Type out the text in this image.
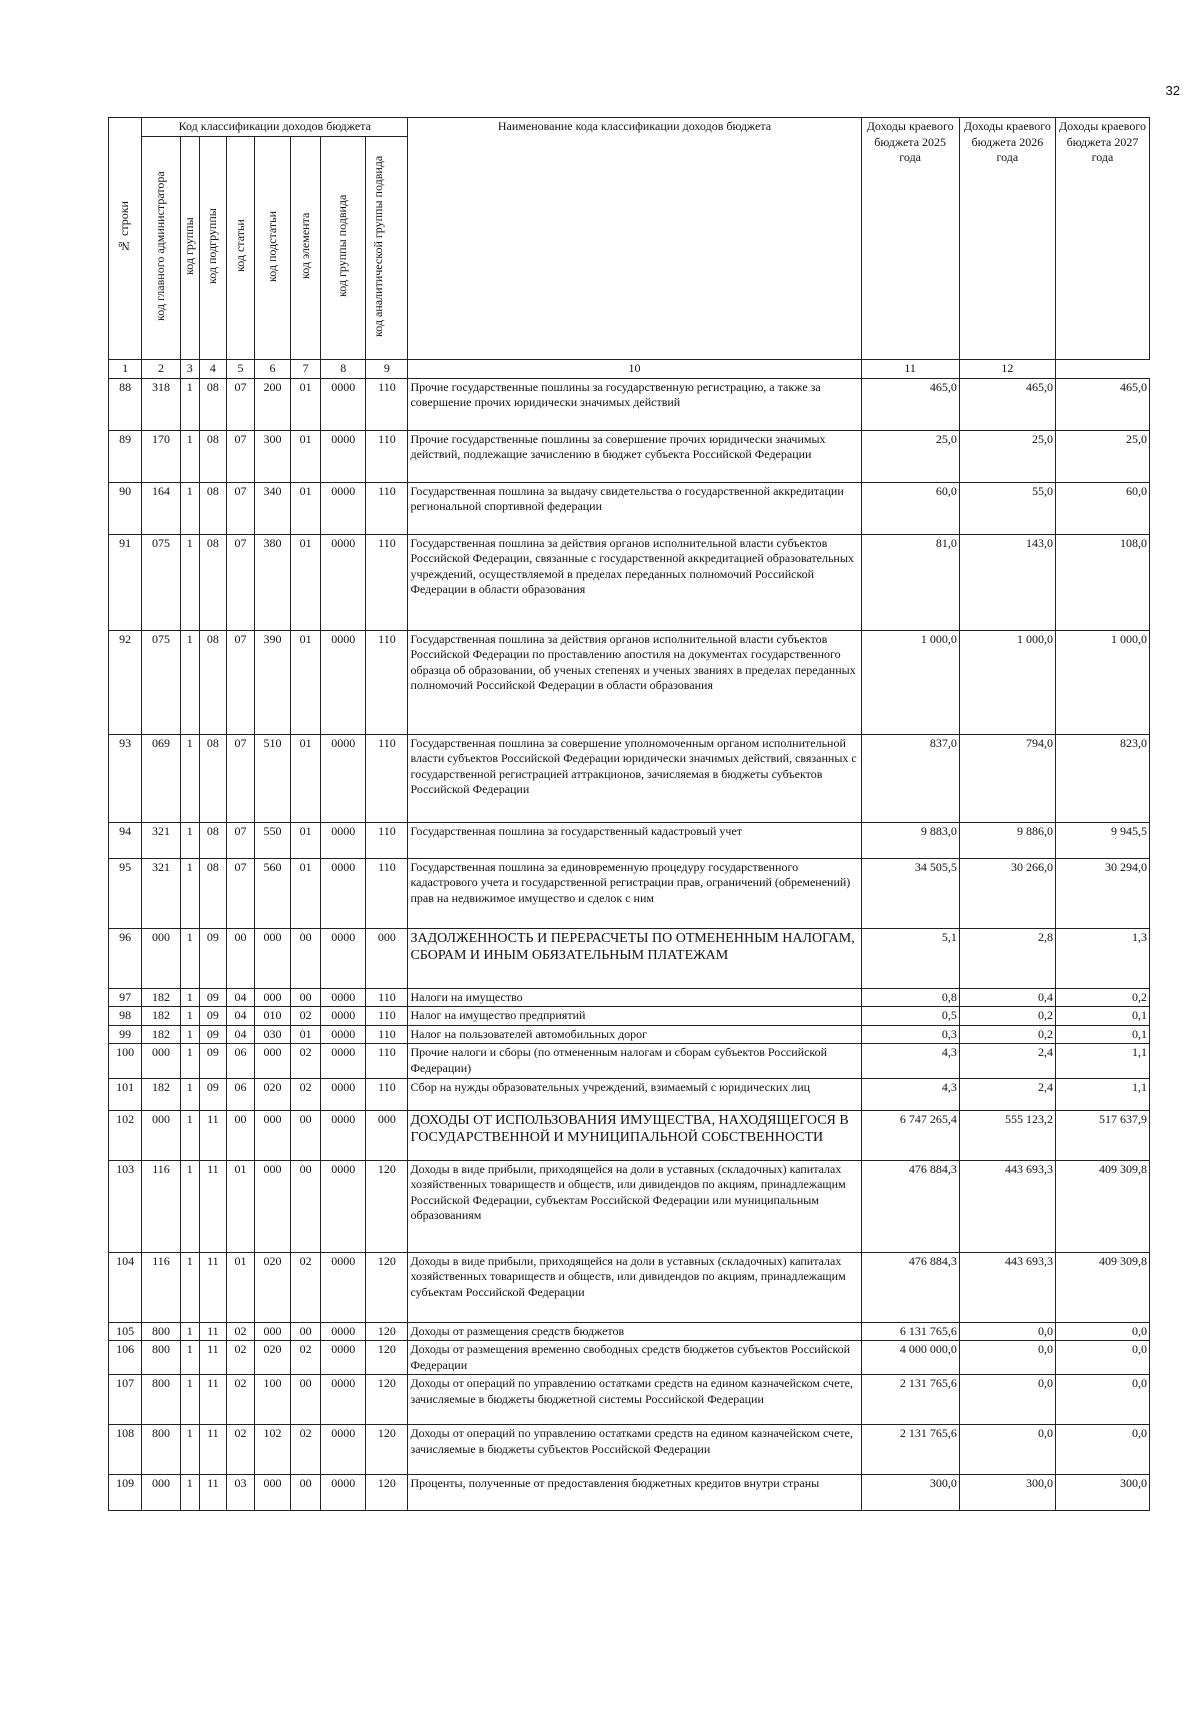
32
№ строки	Код классификации доходов бюджета								Наименование кода классификации доходов бюджета	Доходы краевого бюджета 2025 года	Доходы краевого бюджета 2026 года	Доходы краевого бюджета 2027 года

	код главного администратора	код группы	код подгруппы	код статьи	код подстатьи	код элемента	код группы подвида	код аналитической группы подвида				

1	2	3	4	5	6	7	8	9	10	11	12	
88	318	1	08	07	200	01	0000	110	Прочие государственные пошлины за государственную регистрацию, а также за совершение прочих юридически значимых действий	465,0	465,0	465,0
89	170	1	08	07	300	01	0000	110	Прочие государственные пошлины за совершение прочих юридически значимых действий, подлежащие зачислению в бюджет субъекта Российской Федерации	25,0	25,0	25,0
90	164	1	08	07	340	01	0000	110	Государственная пошлина за выдачу свидетельства о государственной аккредитации региональной спортивной федерации	60,0	55,0	60,0
91	075	1	08	07	380	01	0000	110	Государственная пошлина за действия органов исполнительной власти субъектов Российской Федерации, связанные с государственной аккредитацией образовательных учреждений, осуществляемой в пределах переданных полномочий Российской Федерации в области образования	81,0	143,0	108,0
92	075	1	08	07	390	01	0000	110	Государственная пошлина за действия органов исполнительной власти субъектов Российской Федерации по проставлению апостиля на документах государственного образца об образовании, об ученых степенях и ученых званиях в пределах переданных полномочий Российской Федерации в области образования	1 000,0	1 000,0	1 000,0
93	069	1	08	07	510	01	0000	110	Государственная пошлина за совершение уполномоченным органом исполнительной власти субъектов Российской Федерации юридически значимых действий, связанных с государственной регистрацией аттракционов, зачисляемая в бюджеты субъектов Российской Федерации	837,0	794,0	823,0
94	321	1	08	07	550	01	0000	110	Государственная пошлина за государственный кадастровый учет	9 883,0	9 886,0	9 945,5
95	321	1	08	07	560	01	0000	110	Государственная пошлина за единовременную процедуру государственного кадастрового учета и государственной регистрации прав, ограничений (обременений) прав на недвижимое имущество и сделок с ним	34 505,5	30 266,0	30 294,0
96	000	1	09	00	000	00	0000	000	ЗАДОЛЖЕННОСТЬ И ПЕРЕРАСЧЕТЫ ПО ОТМЕНЕННЫМ НАЛОГАМ, СБОРАМ И ИНЫМ ОБЯЗАТЕЛЬНЫМ ПЛАТЕЖАМ	5,1	2,8	1,3
97	182	1	09	04	000	00	0000	110	Налоги на имущество	0,8	0,4	0,2
98	182	1	09	04	010	02	0000	110	Налог на имущество предприятий	0,5	0,2	0,1
99	182	1	09	04	030	01	0000	110	Налог на пользователей автомобильных дорог	0,3	0,2	0,1
100	000	1	09	06	000	02	0000	110	Прочие налоги и сборы (по отмененным налогам и сборам субъектов Российской Федерации)	4,3	2,4	1,1
101	182	1	09	06	020	02	0000	110	Сбор на нужды образовательных учреждений, взимаемый с юридических лиц	4,3	2,4	1,1
102	000	1	11	00	000	00	0000	000	ДОХОДЫ ОТ ИСПОЛЬЗОВАНИЯ ИМУЩЕСТВА, НАХОДЯЩЕГОСЯ В ГОСУДАРСТВЕННОЙ И МУНИЦИПАЛЬНОЙ СОБСТВЕННОСТИ	6 747 265,4	555 123,2	517 637,9
103	116	1	11	01	000	00	0000	120	Доходы в виде прибыли, приходящейся на доли в уставных (складочных) капиталах хозяйственных товариществ и обществ, или дивидендов по акциям, принадлежащим Российской Федерации, субъектам Российской Федерации или муниципальным образованиям	476 884,3	443 693,3	409 309,8
104	116	1	11	01	020	02	0000	120	Доходы в виде прибыли, приходящейся на доли в уставных (складочных) капиталах хозяйственных товариществ и обществ, или дивидендов по акциям, принадлежащим субъектам Российской Федерации	476 884,3	443 693,3	409 309,8
105	800	1	11	02	000	00	0000	120	Доходы от размещения средств бюджетов	6 131 765,6	0,0	0,0
106	800	1	11	02	020	02	0000	120	Доходы от размещения временно свободных средств бюджетов субъектов Российской Федерации	4 000 000,0	0,0	0,0
107	800	1	11	02	100	00	0000	120	Доходы от операций по управлению остатками средств на едином казначейском счете, зачисляемые в бюджеты бюджетной системы Российской Федерации	2 131 765,6	0,0	0,0
108	800	1	11	02	102	02	0000	120	Доходы от операций по управлению остатками средств на едином казначейском счете, зачисляемые в бюджеты субъектов Российской Федерации	2 131 765,6	0,0	0,0
109	000	1	11	03	000	00	0000	120	Проценты, полученные от предоставления бюджетных кредитов внутри страны	300,0	300,0	300,0
